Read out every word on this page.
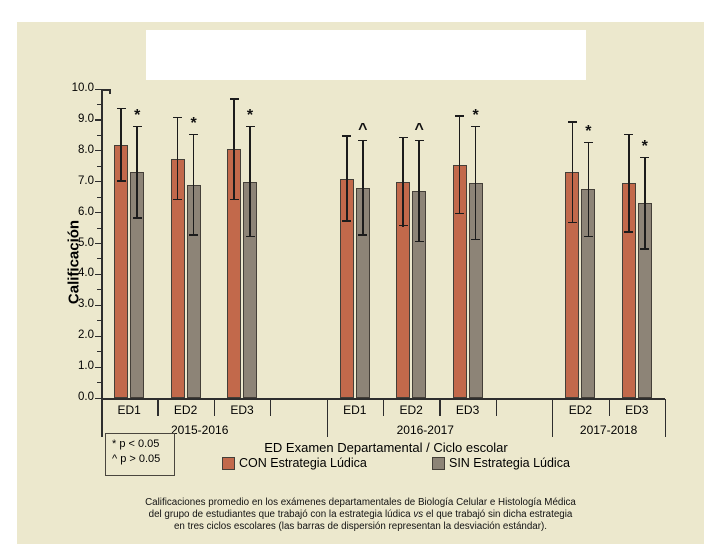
Calificación
0.0
1.0
2.0
3.0
4.0
5.0
6.0
7.0
8.0
9.0
10.0
*
ED1
*
ED2
*
ED3
2015-2016
^
ED1
^
ED2
*
ED3
2016-2017
*
ED2
*
ED3
2017-2018
ED Examen Departamental / Ciclo escolar
* p < 0.05
^ p > 0.05	CON Estrategia Lúdica	SIN Estrategia Lúdica
Calificaciones promedio en los exámenes departamentales de Biología Celular e Histología Médica
del grupo de estudiantes que trabajó con la estrategia lúdica vs el que trabajó sin dicha estrategia
en tres ciclos escolares (las barras de dispersión representan la desviación estándar).
